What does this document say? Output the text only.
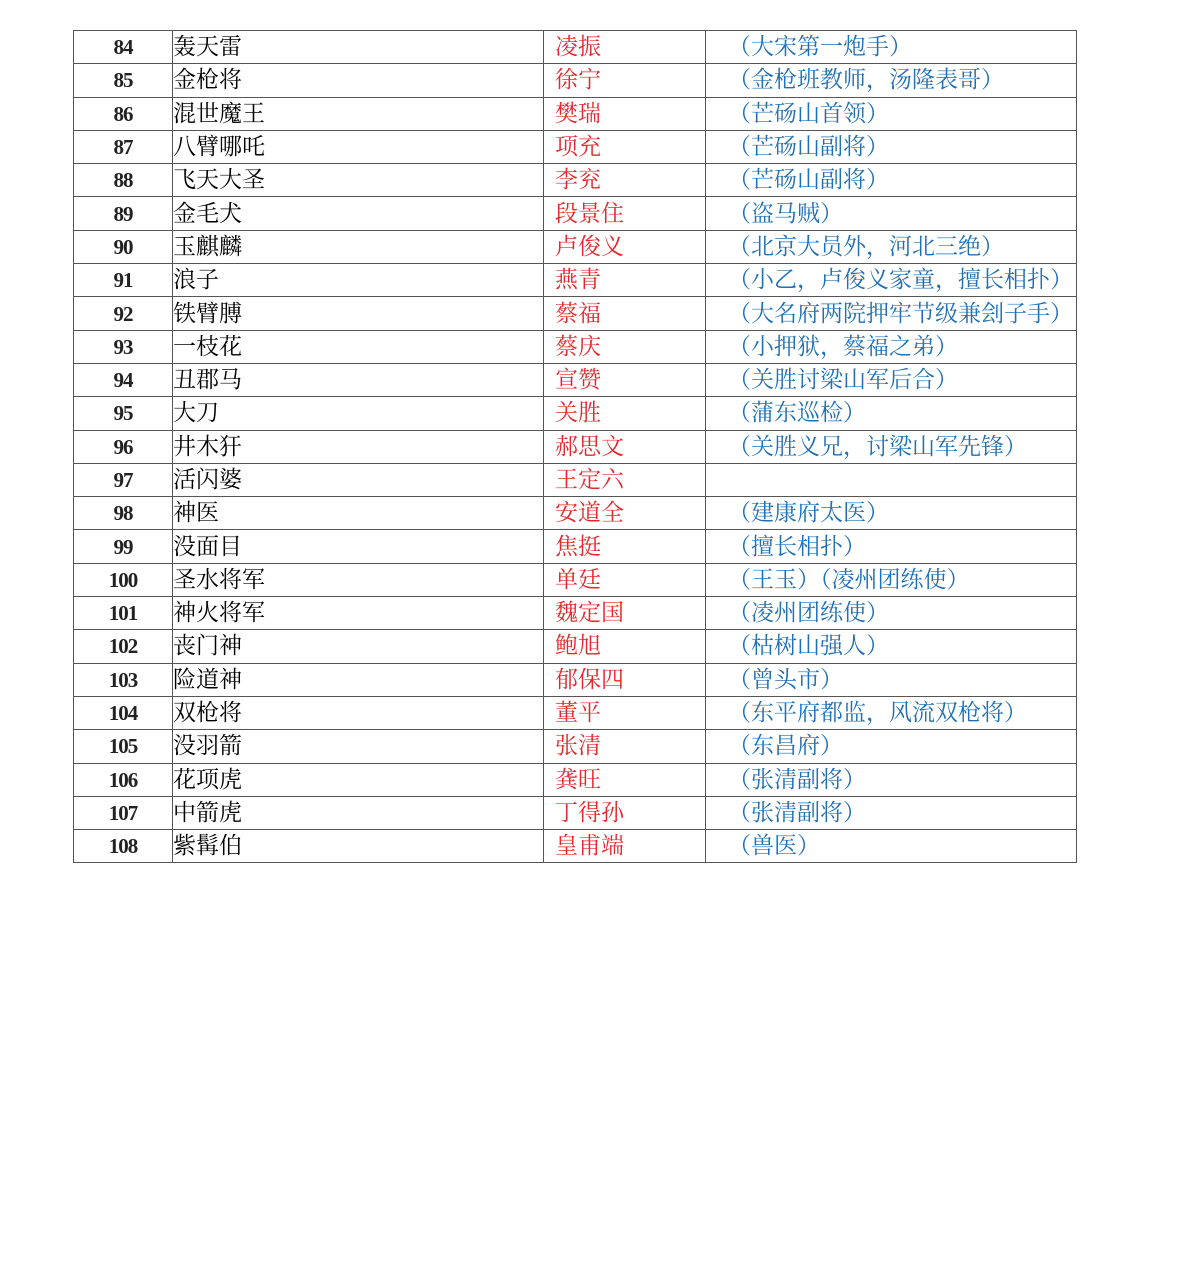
84	轰天雷	凌振	（大宋第一炮手）
85	金枪将	徐宁	（金枪班教师，汤隆表哥）
86	混世魔王	樊瑞	（芒砀山首领）
87	八臂哪吒	项充	（芒砀山副将）
88	飞天大圣	李兖	（芒砀山副将）
89	金毛犬	段景住	（盗马贼）
90	玉麒麟	卢俊义	（北京大员外，河北三绝）
91	浪子	燕青	（小乙，卢俊义家童，擅长相扑）
92	铁臂膊	蔡福	（大名府两院押牢节级兼刽子手）
93	一枝花	蔡庆	（小押狱，蔡福之弟）
94	丑郡马	宣赞	（关胜讨梁山军后合）
95	大刀	关胜	（蒲东巡检）
96	井木犴	郝思文	（关胜义兄，讨梁山军先锋）
97	活闪婆	王定六	
98	神医	安道全	（建康府太医）
99	没面目	焦挺	（擅长相扑）
100	圣水将军	单廷	（王玉）（凌州团练使）
101	神火将军	魏定国	（凌州团练使）
102	丧门神	鲍旭	（枯树山强人）
103	险道神	郁保四	（曾头市）
104	双枪将	董平	（东平府都监，风流双枪将）
105	没羽箭	张清	（东昌府）
106	花项虎	龚旺	（张清副将）
107	中箭虎	丁得孙	（张清副将）
108	紫髯伯	皇甫端	（兽医）
